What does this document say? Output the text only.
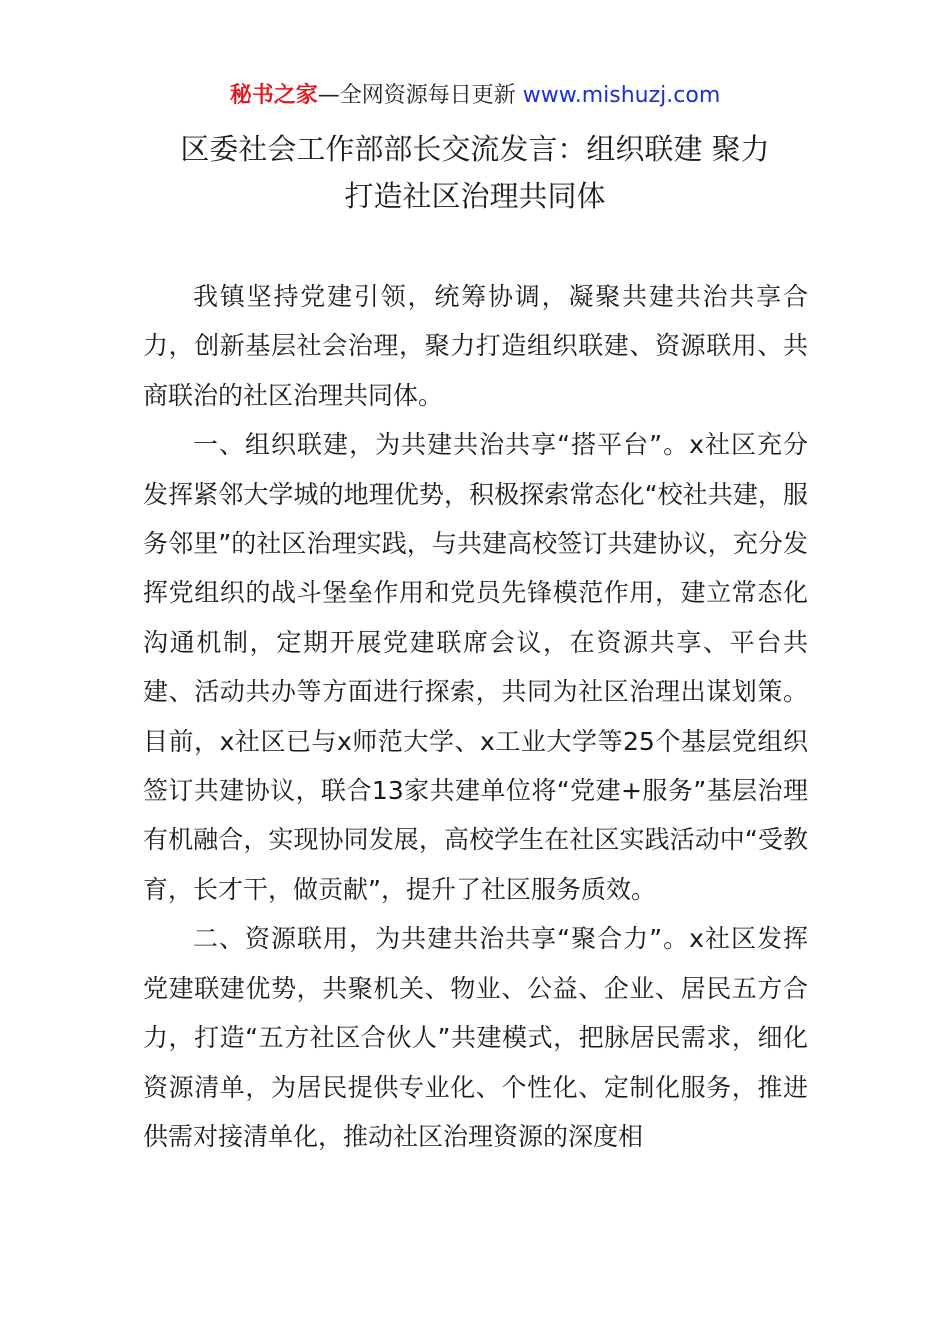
秘书之家—全网资源每日更新 www.mishuzj.com
区委社会工作部部长交流发言：组织联建 聚力
打造社区治理共同体

我镇坚持党建引领，统筹协调，凝聚共建共治共享合力，创新基层社会治理，聚力打造组织联建、资源联用、共商联治的社区治理共同体。

一、组织联建，为共建共治共享“搭平台”。x社区充分发挥紧邻大学城的地理优势，积极探索常态化“校社共建，服务邻里”的社区治理实践，与共建高校签订共建协议，充分发挥党组织的战斗堡垒作用和党员先锋模范作用，建立常态化沟通机制，定期开展党建联席会议，在资源共享、平台共建、活动共办等方面进行探索，共同为社区治理出谋划策。目前，x社区已与x师范大学、x工业大学等25个基层党组织签订共建协议，联合13家共建单位将“党建+服务”基层治理有机融合，实现协同发展，高校学生在社区实践活动中“受教育，长才干，做贡献”，提升了社区服务质效。

二、资源联用，为共建共治共享“聚合力”。x社区发挥党建联建优势，共聚机关、物业、公益、企业、居民五方合力，打造“五方社区合伙人”共建模式，把脉居民需求，细化资源清单，为居民提供专业化、个性化、定制化服务，推进供需对接清单化，推动社区治理资源的深度相
